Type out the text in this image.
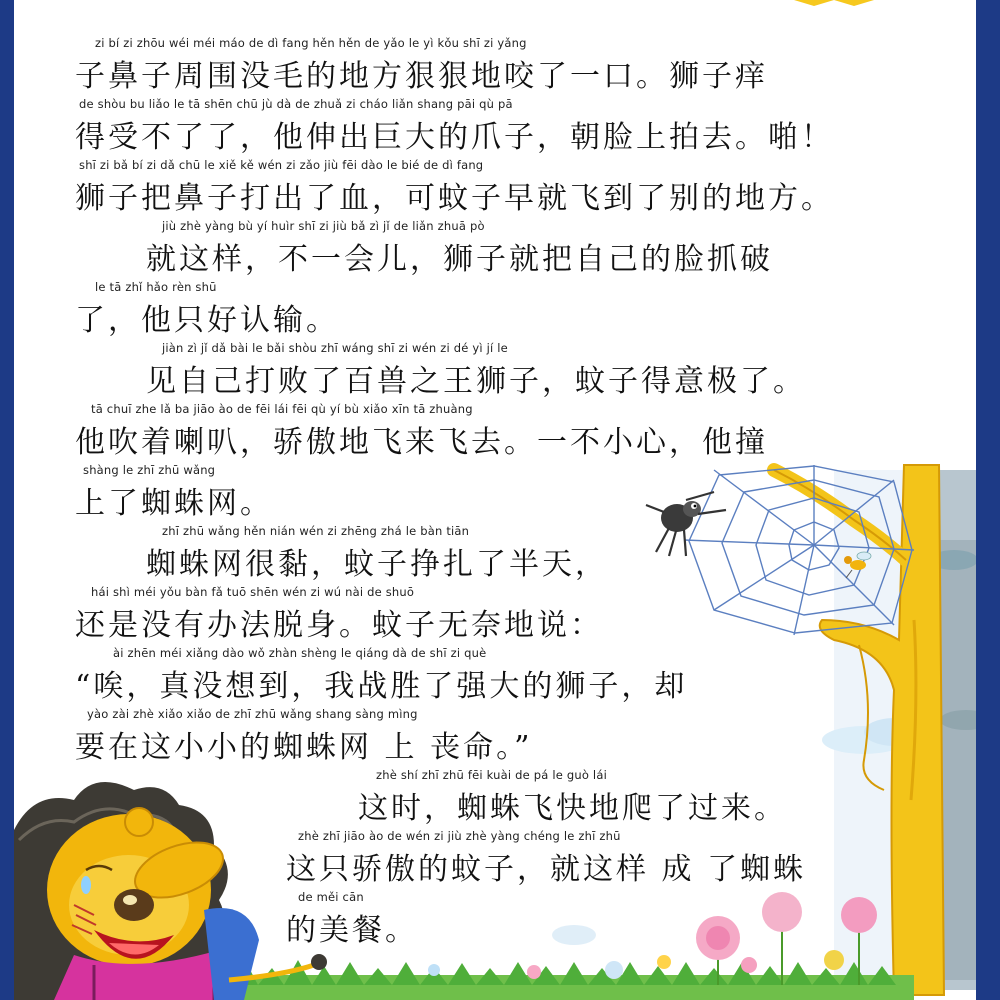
zi bí zi zhōu wéi méi máo de dì fang hěn hěn de yǎo le yì kǒu shī zi yǎng
子鼻子周围没毛的地方狠狠地咬了一口。狮子痒
de shòu bu liǎo le tā shēn chū jù dà de zhuǎ zi cháo liǎn shang pāi qù pā
得受不了了，他伸出巨大的爪子，朝脸上拍去。啪！
shī zi bǎ bí zi dǎ chū le xiě kě wén zi zǎo jiù fēi dào le bié de dì fang
狮子把鼻子打出了血，可蚊子早就飞到了别的地方。
jiù zhè yàng bù yí huìr shī zi jiù bǎ zì jǐ de liǎn zhuā pò
就这样，不一会儿，狮子就把自己的脸抓破
le tā zhǐ hǎo rèn shū
了，他只好认输。
jiàn zì jǐ dǎ bài le bǎi shòu zhī wáng shī zi wén zi dé yì jí le
见自己打败了百兽之王狮子，蚊子得意极了。
tā chuī zhe lǎ ba jiāo ào de fēi lái fēi qù yí bù xiǎo xīn tā zhuàng
他吹着喇叭，骄傲地飞来飞去。一不小心，他撞
shàng le zhī zhū wǎng
上了蜘蛛网。
zhī zhū wǎng hěn nián wén zi zhēng zhá le bàn tiān
蜘蛛网很黏，蚊子挣扎了半天，
hái shì méi yǒu bàn fǎ tuō shēn wén zi wú nài de shuō
还是没有办法脱身。蚊子无奈地说：
ài zhēn méi xiǎng dào wǒ zhàn shèng le qiáng dà de shī zi què
“唉，真没想到，我战胜了强大的狮子，却
yào zài zhè xiǎo xiǎo de zhī zhū wǎng shang sàng mìng
要在这小小的蜘蛛网 上 丧命。”
zhè shí zhī zhū fēi kuài de pá le guò lái
这时，蜘蛛飞快地爬了过来。
zhè zhī jiāo ào de wén zi jiù zhè yàng chéng le zhī zhū
这只骄傲的蚊子，就这样 成 了蜘蛛
de měi cān
的美餐。
